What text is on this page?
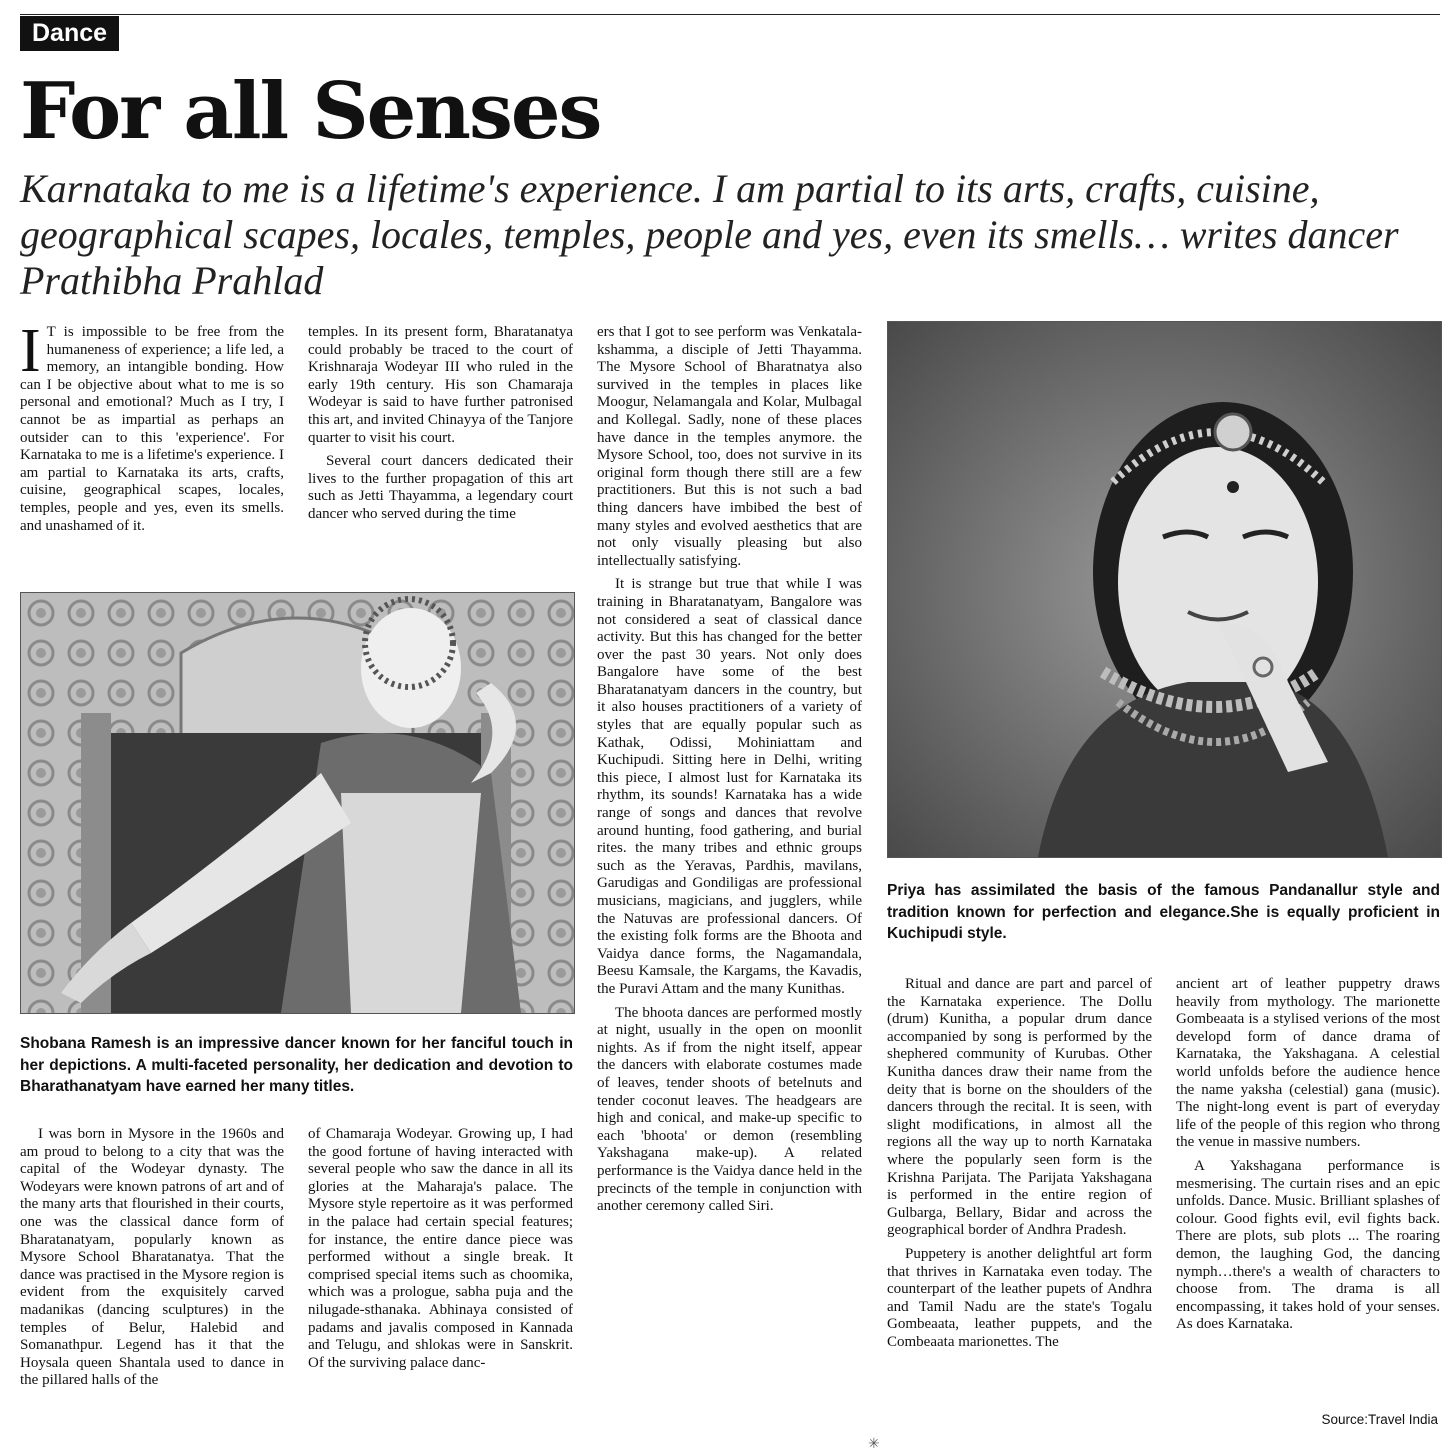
Dance
For all Senses

Karnataka to me is a lifetime's experience. I am partial to its arts, crafts, cuisine, geographical scapes, locales, temples, people and yes, even its smells… writes dancer Prathibha Prahlad

I T is impossible to be free from the humaneness of experience; a life led, a memory, an intangible bonding. How can I be objective about what to me is so personal and emotional? Much as I try, I cannot be as impartial as perhaps an outsider can to this 'experience'. For Karnataka to me is a lifetime's experience. I am partial to Karnataka its arts, crafts, cuisine, geographical scapes, locales, temples, people and yes, even its smells. and unashamed of it.

temples. In its present form, Bharatanatya could probably be traced to the court of Krishnaraja Wodeyar III who ruled in the early 19th century. His son Chamaraja Wodeyar is said to have further patronised this art, and invited Chinayya of the Tanjore quarter to visit his court.

Several court dancers dedicated their lives to the further propagation of this art such as Jetti Thayamma, a legendary court dancer who served during the time

Shobana Ramesh is an impressive dancer known for her fanciful touch in her depictions. A multi-faceted personality, her dedication and devotion to Bharathanatyam have earned her many titles.

I was born in Mysore in the 1960s and am proud to belong to a city that was the capital of the Wodeyar dynasty. The Wodeyars were known patrons of art and of the many arts that flourished in their courts, one was the classical dance form of Bharatanatyam, popularly known as Mysore School Bharatanatya. That the dance was practised in the Mysore region is evident from the exquisitely carved madanikas (dancing sculptures) in the temples of Belur, Halebid and Somanathpur. Legend has it that the Hoysala queen Shantala used to dance in the pillared halls of the

of Chamaraja Wodeyar. Growing up, I had the good fortune of having interacted with several people who saw the dance in all its glories at the Maharaja's palace. The Mysore style repertoire as it was performed in the palace had certain special features; for instance, the entire dance piece was performed without a single break. It comprised special items such as choomika, which was a prologue, sabha puja and the nilugade-sthanaka. Abhinaya consisted of padams and javalis composed in Kannada and Telugu, and shlokas were in Sanskrit. Of the surviving palace danc-

ers that I got to see perform was Venkatala-kshamma, a disciple of Jetti Thayamma. The Mysore School of Bharatnatya also survived in the temples in places like Moogur, Nelamangala and Kolar, Mulbagal and Kollegal. Sadly, none of these places have dance in the temples anymore. the Mysore School, too, does not survive in its original form though there still are a few practitioners. But this is not such a bad thing dancers have imbibed the best of many styles and evolved aesthetics that are not only visually pleasing but also intellectually satisfying.

It is strange but true that while I was training in Bharatanatyam, Bangalore was not considered a seat of classical dance activity. But this has changed for the better over the past 30 years. Not only does Bangalore have some of the best Bharatanatyam dancers in the country, but it also houses practitioners of a variety of styles that are equally popular such as Kathak, Odissi, Mohiniattam and Kuchipudi. Sitting here in Delhi, writing this piece, I almost lust for Karnataka its rhythm, its sounds! Karnataka has a wide range of songs and dances that revolve around hunting, food gathering, and burial rites. the many tribes and ethnic groups such as the Yeravas, Pardhis, mavilans, Garudigas and Gondiligas are professional musicians, magicians, and jugglers, while the Natuvas are professional dancers. Of the existing folk forms are the Bhoota and Vaidya dance forms, the Nagamandala, Beesu Kamsale, the Kargams, the Kavadis, the Puravi Attam and the many Kunithas.

The bhoota dances are performed mostly at night, usually in the open on moonlit nights. As if from the night itself, appear the dancers with elaborate costumes made of leaves, tender shoots of betelnuts and tender coconut leaves. The headgears are high and conical, and make-up specific to each 'bhoota' or demon (resembling Yakshagana make-up). A related performance is the Vaidya dance held in the precincts of the temple in conjunction with another ceremony called Siri.

Priya has assimilated the basis of the famous Pandanallur style and tradition known for perfection and elegance.She is equally proficient in Kuchipudi style.

Ritual and dance are part and parcel of the Karnataka experience. The Dollu (drum) Kunitha, a popular drum dance accompanied by song is performed by the shephered community of Kurubas. Other Kunitha dances draw their name from the deity that is borne on the shoulders of the dancers through the recital. It is seen, with slight modifications, in almost all the regions all the way up to north Karnataka where the popularly seen form is the Krishna Parijata. The Parijata Yakshagana is performed in the entire region of Gulbarga, Bellary, Bidar and across the geographical border of Andhra Pradesh.

Puppetery is another delightful art form that thrives in Karnataka even today. The counterpart of the leather pupets of Andhra and Tamil Nadu are the state's Togalu Gombeaata, leather puppets, and the Combeaata marionettes. The

ancient art of leather puppetry draws heavily from mythology. The marionette Gombeaata is a stylised verions of the most developd form of dance drama of Karnataka, the Yakshagana. A celestial world unfolds before the audience hence the name yaksha (celestial) gana (music). The night-long event is part of everyday life of the people of this region who throng the venue in massive numbers.

A Yakshagana performance is mesmerising. The curtain rises and an epic unfolds. Dance. Music. Brilliant splashes of colour. Good fights evil, evil fights back. There are plots, sub plots ... The roaring demon, the laughing God, the dancing nymph…there's a wealth of characters to choose from. The drama is all encompassing, it takes hold of your senses. As does Karnataka.

Source:Travel India
✳
